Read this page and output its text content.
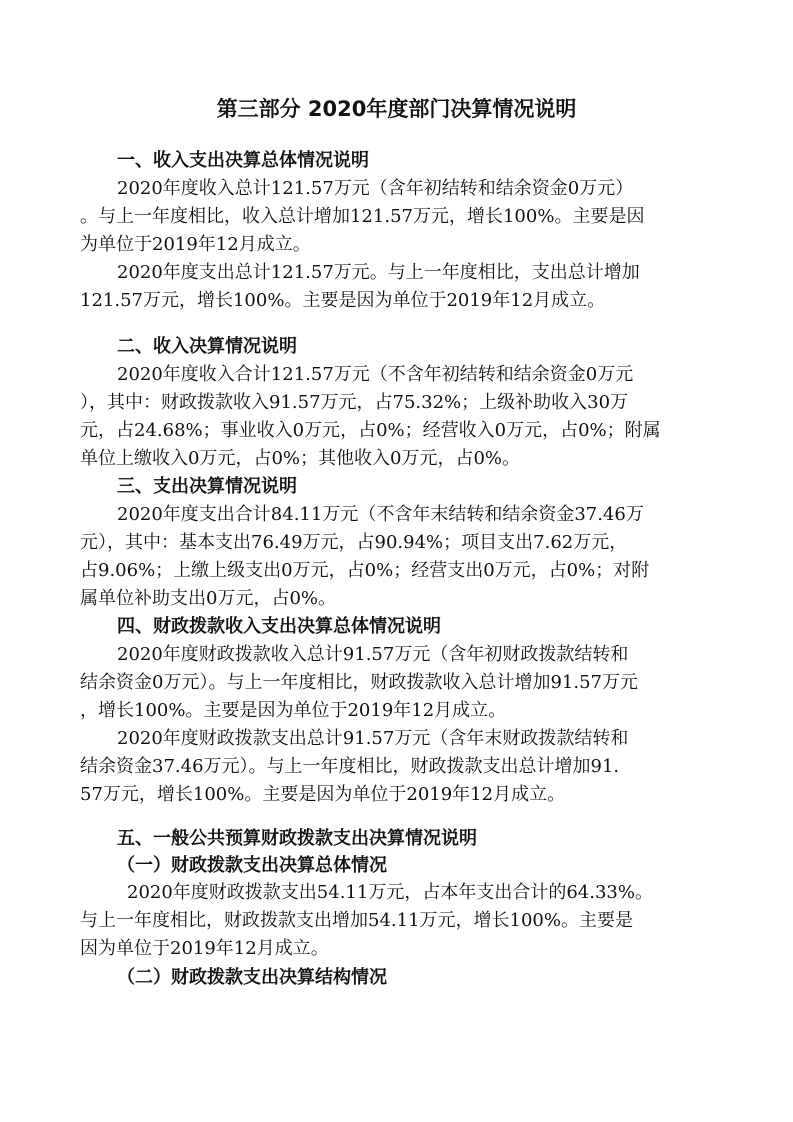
第三部分 2020年度部门决算情况说明
一、收入支出决算总体情况说明
2020年度收入总计121.57万元（含年初结转和结余资金0万元）
。与上一年度相比，收入总计增加121.57万元，增长100%。主要是因
为单位于2019年12月成立。
2020年度支出总计121.57万元。与上一年度相比，支出总计增加
121.57万元，增长100%。主要是因为单位于2019年12月成立。
二、收入决算情况说明
2020年度收入合计121.57万元（不含年初结转和结余资金0万元
），其中：财政拨款收入91.57万元，占75.32%；上级补助收入30万
元，占24.68%；事业收入0万元，占0%；经营收入0万元，占0%；附属
单位上缴收入0万元，占0%；其他收入0万元，占0%。
三、支出决算情况说明
2020年度支出合计84.11万元（不含年末结转和结余资金37.46万
元），其中：基本支出76.49万元，占90.94%；项目支出7.62万元，
占9.06%；上缴上级支出0万元，占0%；经营支出0万元，占0%；对附
属单位补助支出0万元，占0%。
四、财政拨款收入支出决算总体情况说明
2020年度财政拨款收入总计91.57万元（含年初财政拨款结转和
结余资金0万元）。与上一年度相比，财政拨款收入总计增加91.57万元
，增长100%。主要是因为单位于2019年12月成立。
2020年度财政拨款支出总计91.57万元（含年末财政拨款结转和
结余资金37.46万元）。与上一年度相比，财政拨款支出总计增加91.
57万元，增长100%。主要是因为单位于2019年12月成立。
五、一般公共预算财政拨款支出决算情况说明
（一）财政拨款支出决算总体情况
2020年度财政拨款支出54.11万元，占本年支出合计的64.33%。
与上一年度相比，财政拨款支出增加54.11万元，增长100%。主要是
因为单位于2019年12月成立。
（二）财政拨款支出决算结构情况
